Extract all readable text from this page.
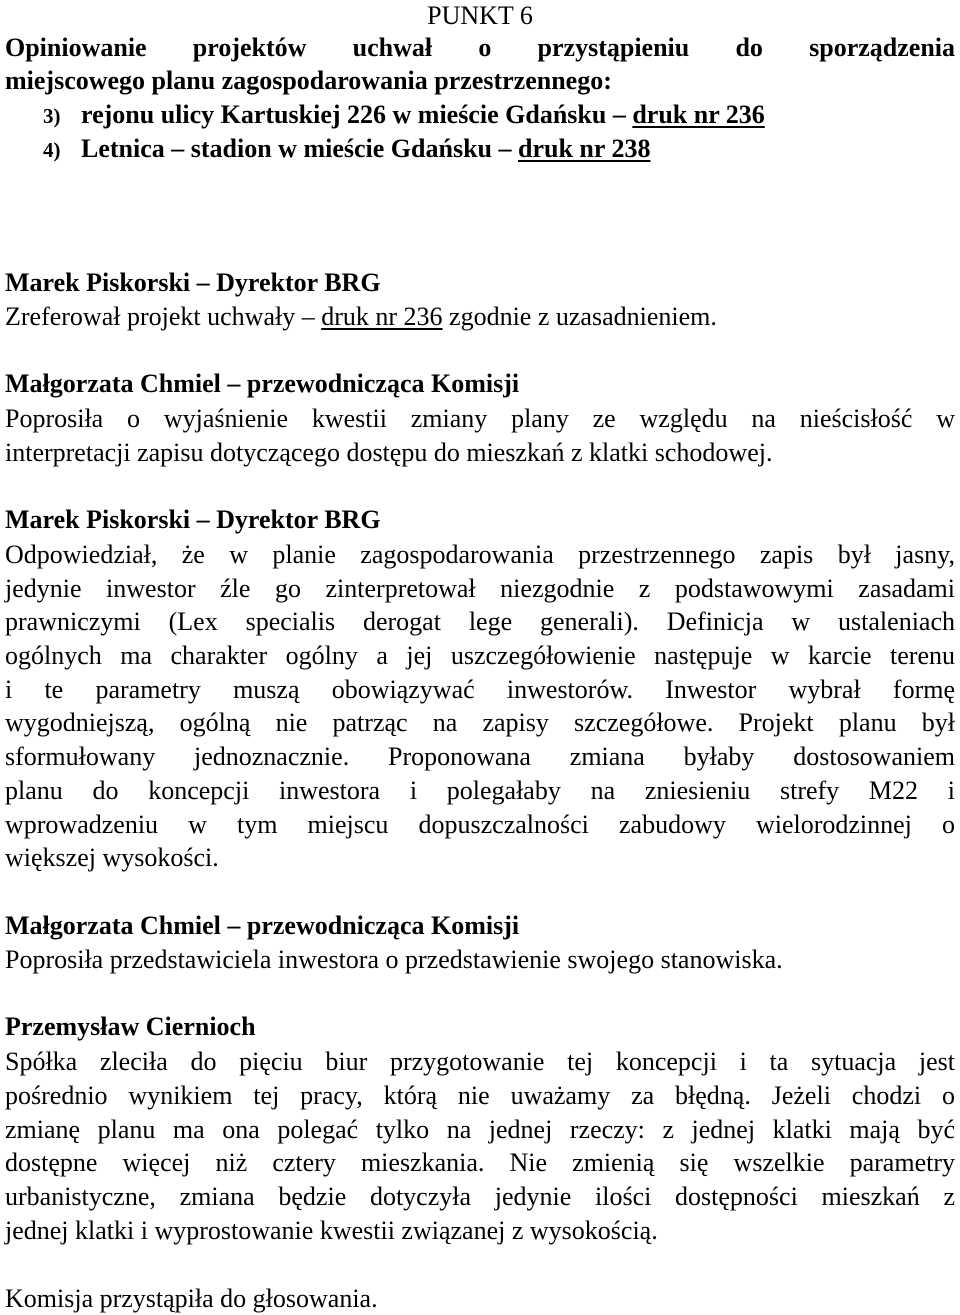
PUNKT 6
Opiniowanie projektów uchwał o przystąpieniu do sporządzenia
miejscowego planu zagospodarowania przestrzennego:
3) rejonu ulicy Kartuskiej 226 w mieście Gdańsku – druk nr 236
4) Letnica – stadion w mieście Gdańsku – druk nr 238
Marek Piskorski – Dyrektor BRG
Zreferował projekt uchwały – druk nr 236 zgodnie z uzasadnieniem.
Małgorzata Chmiel – przewodnicząca Komisji
Poprosiła o wyjaśnienie kwestii zmiany plany ze względu na nieścisłość w
interpretacji zapisu dotyczącego dostępu do mieszkań z klatki schodowej.
Marek Piskorski – Dyrektor BRG
Odpowiedział, że w planie zagospodarowania przestrzennego zapis był jasny,
jedynie inwestor źle go zinterpretował niezgodnie z podstawowymi zasadami
prawniczymi (Lex specialis derogat lege generali). Definicja w ustaleniach
ogólnych ma charakter ogólny a jej uszczegółowienie następuje w karcie terenu
i te parametry muszą obowiązywać inwestorów. Inwestor wybrał formę
wygodniejszą, ogólną nie patrząc na zapisy szczegółowe. Projekt planu był
sformułowany jednoznacznie. Proponowana zmiana byłaby dostosowaniem
planu do koncepcji inwestora i polegałaby na zniesieniu strefy M22 i
wprowadzeniu w tym miejscu dopuszczalności zabudowy wielorodzinnej o
większej wysokości.
Małgorzata Chmiel – przewodnicząca Komisji
Poprosiła przedstawiciela inwestora o przedstawienie swojego stanowiska.
Przemysław Ciernioch
Spółka zleciła do pięciu biur przygotowanie tej koncepcji i ta sytuacja jest
pośrednio wynikiem tej pracy, którą nie uważamy za błędną. Jeżeli chodzi o
zmianę planu ma ona polegać tylko na jednej rzeczy: z jednej klatki mają być
dostępne więcej niż cztery mieszkania. Nie zmienią się wszelkie parametry
urbanistyczne, zmiana będzie dotyczyła jedynie ilości dostępności mieszkań z
jednej klatki i wyprostowanie kwestii związanej z wysokością.
Komisja przystąpiła do głosowania.
